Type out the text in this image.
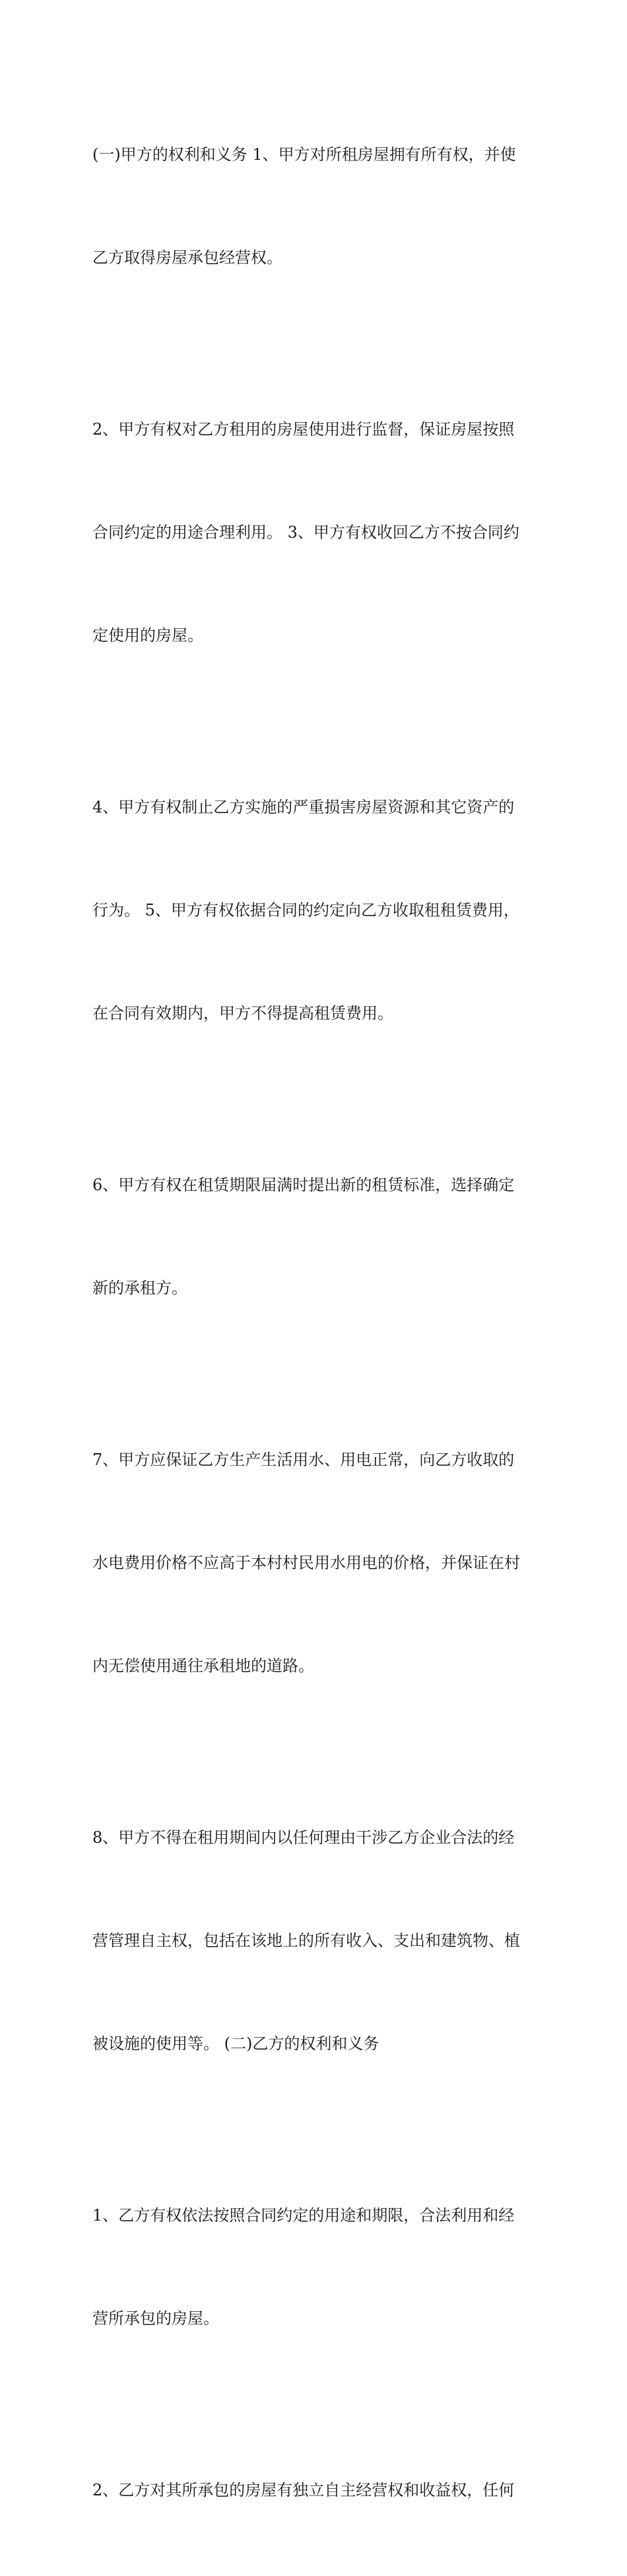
(一)甲方的权利和义务 1、甲方对所租房屋拥有所有权，并使

乙方取得房屋承包经营权。

2、甲方有权对乙方租用的房屋使用进行监督，保证房屋按照

合同约定的用途合理利用。 3、甲方有权收回乙方不按合同约

定使用的房屋。

4、甲方有权制止乙方实施的严重损害房屋资源和其它资产的

行为。 5、甲方有权依据合同的约定向乙方收取租租赁费用，

在合同有效期内，甲方不得提高租赁费用。

6、甲方有权在租赁期限届满时提出新的租赁标准，选择确定

新的承租方。

7、甲方应保证乙方生产生活用水、用电正常，向乙方收取的

水电费用价格不应高于本村村民用水用电的价格，并保证在村

内无偿使用通往承租地的道路。

8、甲方不得在租用期间内以任何理由干涉乙方企业合法的经

营管理自主权，包括在该地上的所有收入、支出和建筑物、植

被设施的使用等。 (二)乙方的权利和义务

1、乙方有权依法按照合同约定的用途和期限，合法利用和经

营所承包的房屋。

2、乙方对其所承包的房屋有独立自主经营权和收益权，任何
